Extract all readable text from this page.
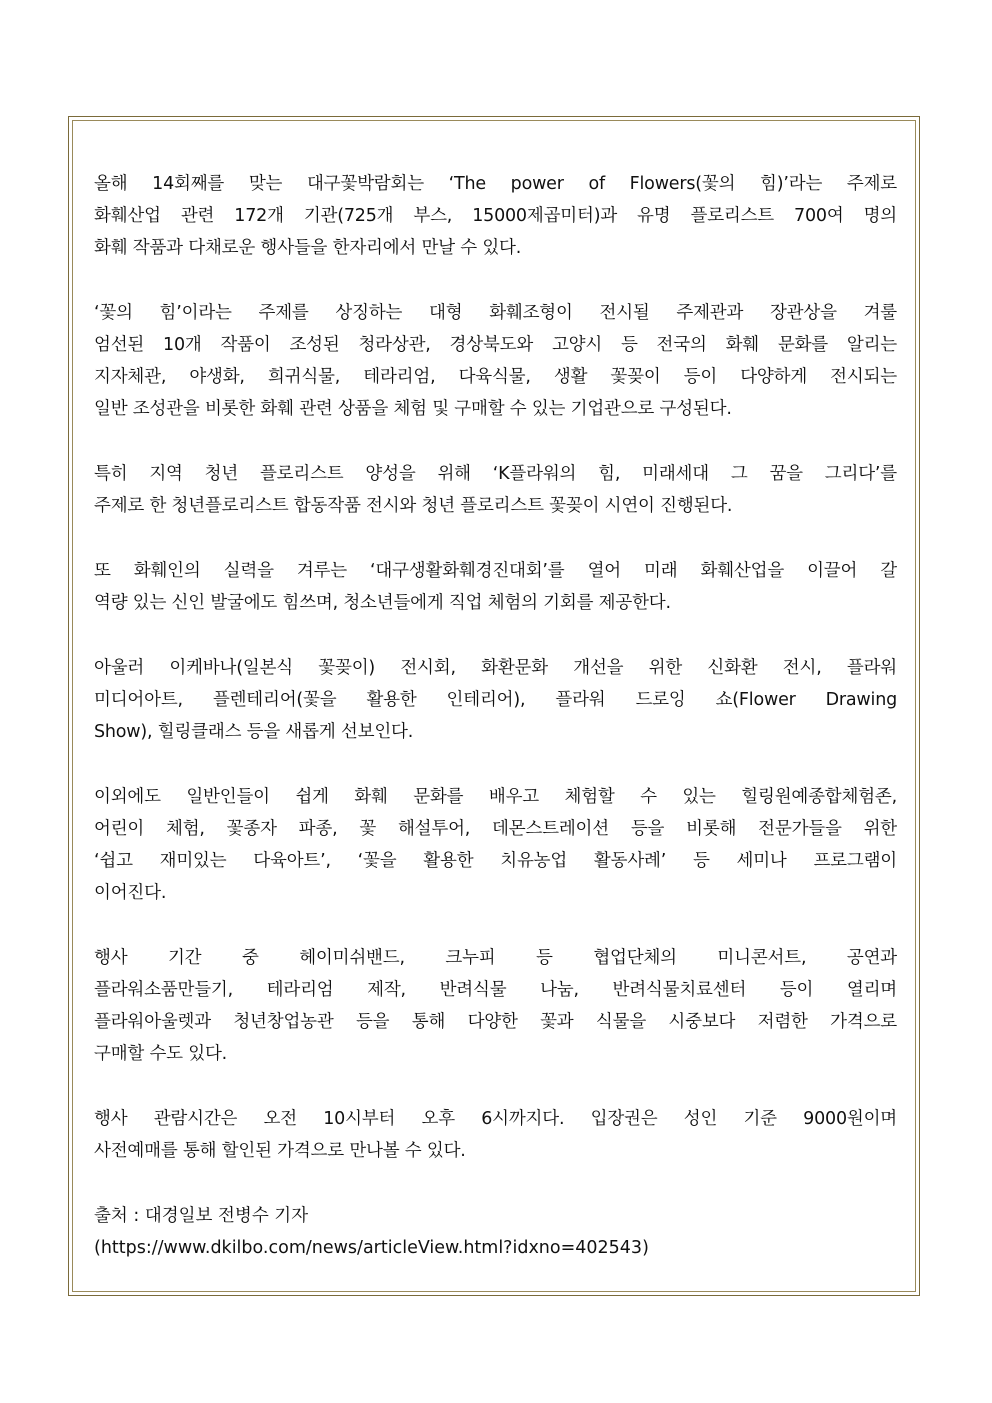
올해 14회째를 맞는 대구꽃박람회는 ‘The power of Flowers(꽃의 힘)’라는 주제로
화훼산업 관련 172개 기관(725개 부스, 15000제곱미터)과 유명 플로리스트 700여 명의
화훼 작품과 다채로운 행사들을 한자리에서 만날 수 있다.

‘꽃의 힘’이라는 주제를 상징하는 대형 화훼조형이 전시될 주제관과 장관상을 겨룰
엄선된 10개 작품이 조성된 청라상관, 경상북도와 고양시 등 전국의 화훼 문화를 알리는
지자체관, 야생화, 희귀식물, 테라리엄, 다육식물, 생활 꽃꽂이 등이 다양하게 전시되는
일반 조성관을 비롯한 화훼 관련 상품을 체험 및 구매할 수 있는 기업관으로 구성된다.

특히 지역 청년 플로리스트 양성을 위해 ‘K플라워의 힘, 미래세대 그 꿈을 그리다’를
주제로 한 청년플로리스트 합동작품 전시와 청년 플로리스트 꽃꽂이 시연이 진행된다.

또 화훼인의 실력을 겨루는 ‘대구생활화훼경진대회’를 열어 미래 화훼산업을 이끌어 갈
역량 있는 신인 발굴에도 힘쓰며, 청소년들에게 직업 체험의 기회를 제공한다.

아울러 이케바나(일본식 꽃꽂이) 전시회, 화환문화 개선을 위한 신화환 전시, 플라워
미디어아트, 플렌테리어(꽃을 활용한 인테리어), 플라워 드로잉 쇼(Flower Drawing
Show), 힐링클래스 등을 새롭게 선보인다.

이외에도 일반인들이 쉽게 화훼 문화를 배우고 체험할 수 있는 힐링원예종합체험존,
어린이 체험, 꽃종자 파종, 꽃 해설투어, 데몬스트레이션 등을 비롯해 전문가들을 위한
‘쉽고 재미있는 다육아트’, ‘꽃을 활용한 치유농업 활동사례’ 등 세미나 프로그램이
이어진다.

행사 기간 중 헤이미쉬밴드, 크누피 등 협업단체의 미니콘서트, 공연과
플라워소품만들기, 테라리엄 제작, 반려식물 나눔, 반려식물치료센터 등이 열리며
플라워아울렛과 청년창업농관 등을 통해 다양한 꽃과 식물을 시중보다 저렴한 가격으로
구매할 수도 있다.

행사 관람시간은 오전 10시부터 오후 6시까지다. 입장권은 성인 기준 9000원이며
사전예매를 통해 할인된 가격으로 만나볼 수 있다.

출처 : 대경일보 전병수 기자
(https://www.dkilbo.com/news/articleView.html?idxno=402543)
